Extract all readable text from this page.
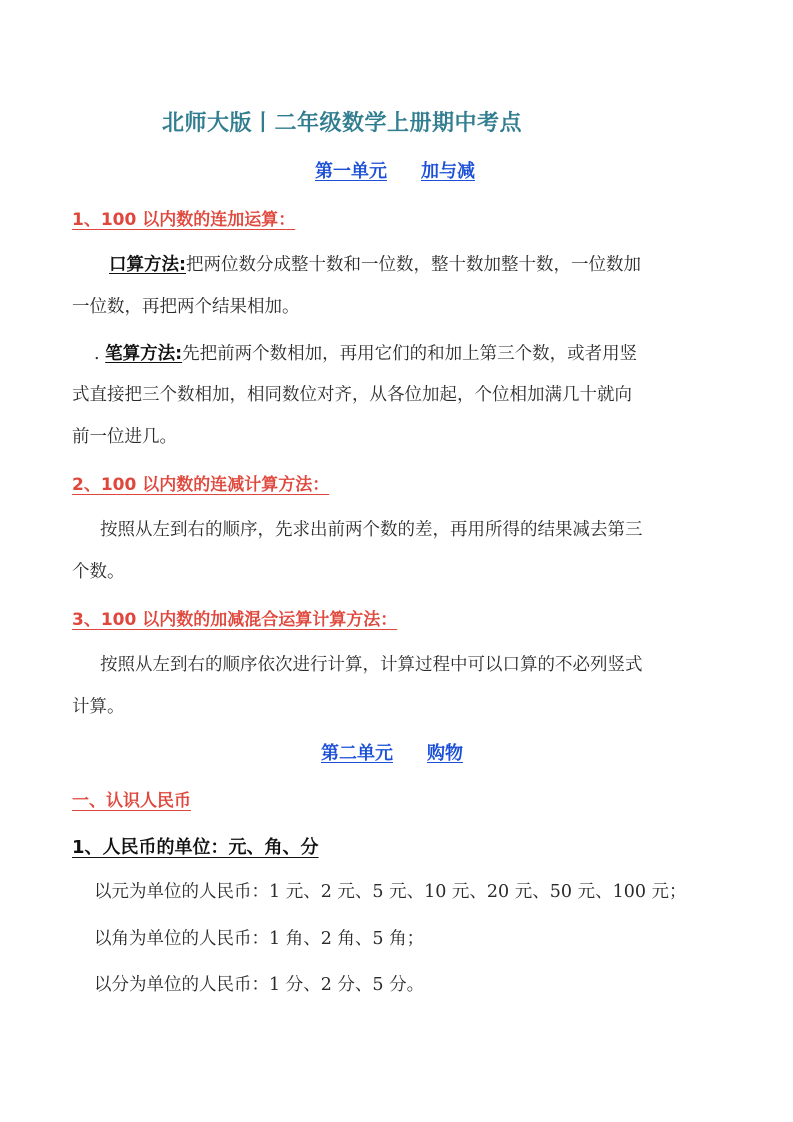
北师大版丨二年级数学上册期中考点
第一单元 加与减
1、100 以内数的连加运算：
口算方法:把两位数分成整十数和一位数，整十数加整十数，一位数加
一位数，再把两个结果相加。
. 笔算方法:先把前两个数相加，再用它们的和加上第三个数，或者用竖
式直接把三个数相加，相同数位对齐，从各位加起，个位相加满几十就向
前一位进几。
2、100 以内数的连减计算方法：
按照从左到右的顺序，先求出前两个数的差，再用所得的结果减去第三
个数。
3、100 以内数的加减混合运算计算方法：
按照从左到右的顺序依次进行计算，计算过程中可以口算的不必列竖式
计算。
第二单元 购物
一、认识人民币
1、人民币的单位：元、角、分
以元为单位的人民币：1 元、2 元、5 元、10 元、20 元、50 元、100 元；
以角为单位的人民币：1 角、2 角、5 角；
以分为单位的人民币：1 分、2 分、5 分。
